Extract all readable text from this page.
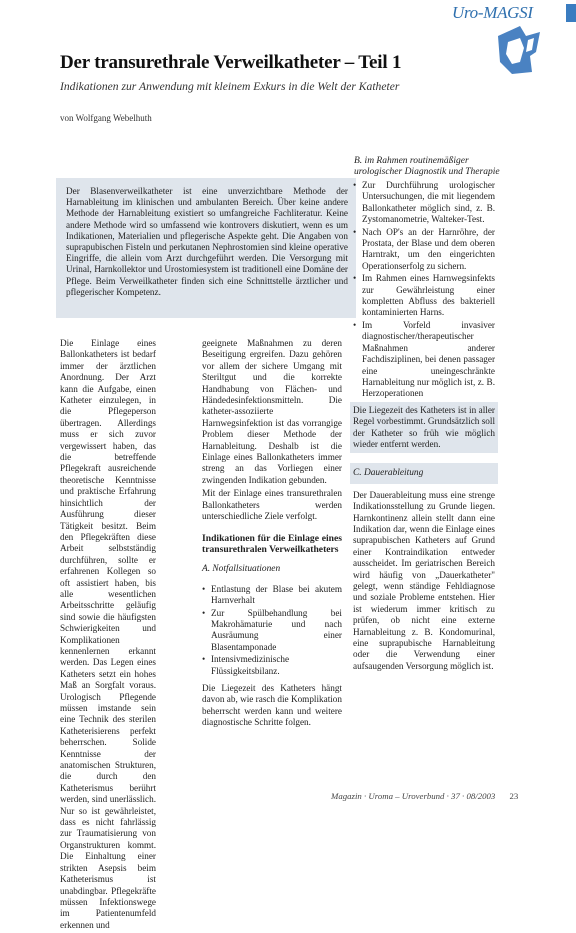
Uro-MAGSI
Der transurethrale Verweilkatheter – Teil 1

Indikationen zur Anwendung mit kleinem Exkurs in die Welt der Katheter

von Wolfgang Webelhuth
B. im Rahmen routinemäßiger urologischer Diagnostik und Therapie
Der Blasenverweilkatheter ist eine unverzichtbare Methode der Harnableitung im klinischen und ambulanten Bereich. Über keine andere Methode der Harnableitung existiert so umfangreiche Fachliteratur. Keine andere Methode wird so umfassend wie kontrovers diskutiert, wenn es um Indikationen, Materialien und pflegerische Aspekte geht. Die Angaben von suprapubischen Fisteln und perkutanen Nephrostomien sind kleine operative Eingriffe, die allein vom Arzt durchgeführt werden. Die Versorgung mit Urinal, Harnkollektor und Urostomiesystem ist traditionell eine Domäne der Pflege. Beim Verweilkatheter finden sich eine Schnittstelle ärztlicher und pflegerischer Kompetenz.

Die Einlage eines Ballonkatheters ist bedarf immer der ärztlichen Anordnung. Der Arzt kann die Aufgabe, einen Katheter einzulegen, in die Pflegeperson übertragen. Allerdings muss er sich zuvor vergewissert haben, das die betreffende Pflegekraft ausreichende theoretische Kenntnisse und praktische Erfahrung hinsichtlich der Ausführung dieser Tätigkeit besitzt. Beim den Pflegekräften diese Arbeit selbstständig durchführen, sollte er erfahrenen Kollegen so oft assistiert haben, bis alle wesentlichen Arbeitsschritte geläufig sind sowie die häufigsten Schwierigkeiten und Komplikationen kennenlernen erkannt werden. Das Legen eines Katheters setzt ein hohes Maß an Sorgfalt voraus. Urologisch Pflegende müssen imstande sein eine Technik des sterilen Katheterisierens perfekt beherrschen. Solide Kenntnisse der anatomischen Strukturen, die durch den Katheterismus berührt werden, sind unerlässlich. Nur so ist gewährleistet, dass es nicht fahrlässig zur Traumatisierung von Organstrukturen kommt. Die Einhaltung einer strikten Asepsis beim Katheterismus ist unabdingbar. Pflegekräfte müssen Infektionswege im Patientenumfeld erkennen und

geeignete Maßnahmen zu deren Beseitigung ergreifen. Dazu gehören vor allem der sichere Umgang mit Steriltgut und die korrekte Handhabung von Flächen- und Händedesinfektionsmitteln. Die katheter-assoziierte Harnwegsinfektion ist das vorrangige Problem dieser Methode der Harnableitung. Deshalb ist die Einlage eines Ballonkatheters immer streng an das Vorliegen einer zwingenden Indikation gebunden.

Mit der Einlage eines transurethralen Ballonkatheters werden unterschiedliche Ziele verfolgt.

Indikationen für die Einlage eines transurethralen Verweilkatheters
A. Notfallsituationen
• Entlastung der Blase bei akutem Harnverhalt
• Zur Spülbehandlung bei Makrohämaturie und nach Ausräumung einer Blasentamponade
• Intensivmedizinische Flüssigkeitsbilanz.

Die Liegezeit des Katheters hängt davon ab, wie rasch die Komplikation beherrscht werden kann und weitere diagnostische Schritte folgen.

• Zur Durchführung urologischer Untersuchungen, die mit liegendem Ballonkatheter möglich sind, z. B. Zystomanometrie, Walteker-Test.
• Nach OP's an der Harnröhre, der Prostata, der Blase und dem oberen Harntrakt, um den eingerichten Operationserfolg zu sichern.
• Im Rahmen eines Harnwegsinfekts zur Gewährleistung einer kompletten Abfluss des bakteriell kontaminierten Harns.
• Im Vorfeld invasiver diagnostischer/therapeutischer Maßnahmen anderer Fachdisziplinen, bei denen passager eine uneingeschränkte Harnableitung nur möglich ist, z. B. Herzoperationen
Die Liegezeit des Katheters ist in aller Regel vorbestimmt. Grundsätzlich soll der Katheter so früh wie möglich wieder entfernt werden.
C. Dauerableitung

Der Dauerableitung muss eine strenge Indikationsstellung zu Grunde liegen. Harnkontinenz allein stellt dann eine Indikation dar, wenn die Einlage eines suprapubischen Katheters auf Grund einer Kontraindikation entweder ausscheidet. Im geriatrischen Bereich wird häufig von „Dauerkatheter" gelegt, wenn ständige Fehldiagnose und soziale Probleme entstehen. Hier ist wiederum immer kritisch zu prüfen, ob nicht eine externe Harnableitung z. B. Kondomurinal, eine suprapubische Harnableitung oder die Verwendung einer aufsaugenden Versorgung möglich ist.

Magazin · Uroma – Uroverbund · 37 · 08/2003 23
